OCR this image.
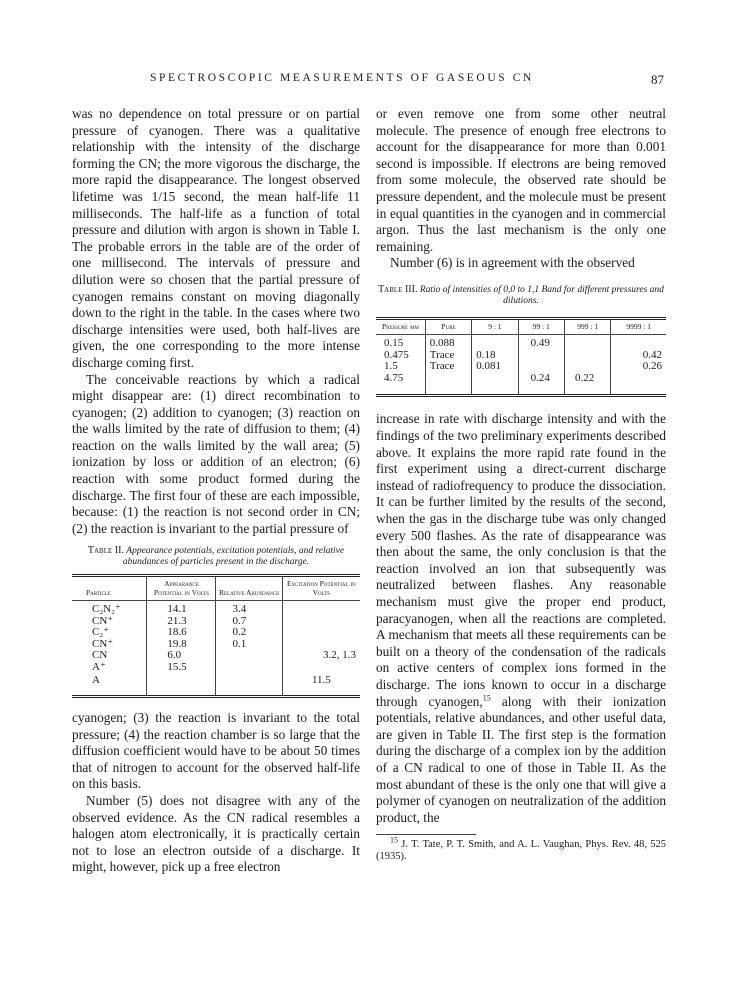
SPECTROSCOPIC MEASUREMENTS OF GASEOUS CN	87

was no dependence on total pressure or on partial pressure of cyanogen. There was a qualitative relationship with the intensity of the discharge forming the CN; the more vigorous the discharge, the more rapid the disappearance. The longest observed lifetime was 1/15 second, the mean half-life 11 milliseconds. The half-life as a function of total pressure and dilution with argon is shown in Table I. The probable errors in the table are of the order of one millisecond. The intervals of pressure and dilution were so chosen that the partial pressure of cyanogen remains constant on moving diagonally down to the right in the table. In the cases where two discharge intensities were used, both half-lives are given, the one corresponding to the more intense discharge coming first.

The conceivable reactions by which a radical might disappear are: (1) direct recombination to cyanogen; (2) addition to cyanogen; (3) reaction on the walls limited by the rate of diffusion to them; (4) reaction on the walls limited by the wall area; (5) ionization by loss or addition of an electron; (6) reaction with some product formed during the discharge. The first four of these are each impossible, because: (1) the reaction is not second order in CN; (2) the reaction is invariant to the partial pressure of

Table II. Appearance potentials, excitation potentials, and relative abundances of particles present in the discharge.
Particle	Appearance Potential in Volts	Relative Abundance	Excitation Potential in Volts
C₂N₂⁺	14.1	3.4	
CN⁺	21.3	0.7	
C₂⁺	18.6	0.2	
CN⁺	19.8	0.1	
CN	6.0		3.2, 1.3
A⁺	15.5		
A			11.5

cyanogen; (3) the reaction is invariant to the total pressure; (4) the reaction chamber is so large that the diffusion coefficient would have to be about 50 times that of nitrogen to account for the observed half-life on this basis.

Number (5) does not disagree with any of the observed evidence. As the CN radical resembles a halogen atom electronically, it is practically certain not to lose an electron outside of a discharge. It might, however, pick up a free electron

or even remove one from some other neutral molecule. The presence of enough free electrons to account for the disappearance for more than 0.001 second is impossible. If electrons are being removed from some molecule, the observed rate should be pressure dependent, and the molecule must be present in equal quantities in the cyanogen and in commercial argon. Thus the last mechanism is the only one remaining.

Number (6) is in agreement with the observed

Table III. Ratio of intensities of 0,0 to 1,1 Band for different pressures and dilutions.
Pressure mm	Pure	9 : 1	99 : 1	999 : 1	9999 : 1
0.15	0.088		0.49		
0.475	Trace	0.18			0.42
1.5	Trace	0.081			0.26
4.75			0.24	0.22	

increase in rate with discharge intensity and with the findings of the two preliminary experiments described above. It explains the more rapid rate found in the first experiment using a direct-current discharge instead of radiofrequency to produce the dissociation. It can be further limited by the results of the second, when the gas in the discharge tube was only changed every 500 flashes. As the rate of disappearance was then about the same, the only conclusion is that the reaction involved an ion that subsequently was neutralized between flashes. Any reasonable mechanism must give the proper end product, paracyanogen, when all the reactions are completed. A mechanism that meets all these requirements can be built on a theory of the condensation of the radicals on active centers of complex ions formed in the discharge. The ions known to occur in a discharge through cyanogen,$^{15}$ along with their ionization potentials, relative abundances, and other useful data, are given in Table II. The first step is the formation during the discharge of a complex ion by the addition of a CN radical to one of those in Table II. As the most abundant of these is the only one that will give a polymer of cyanogen on neutralization of the addition product, the

$^{15}$ J. T. Tate, P. T. Smith, and A. L. Vaughan, Phys. Rev. 48, 525 (1935).
